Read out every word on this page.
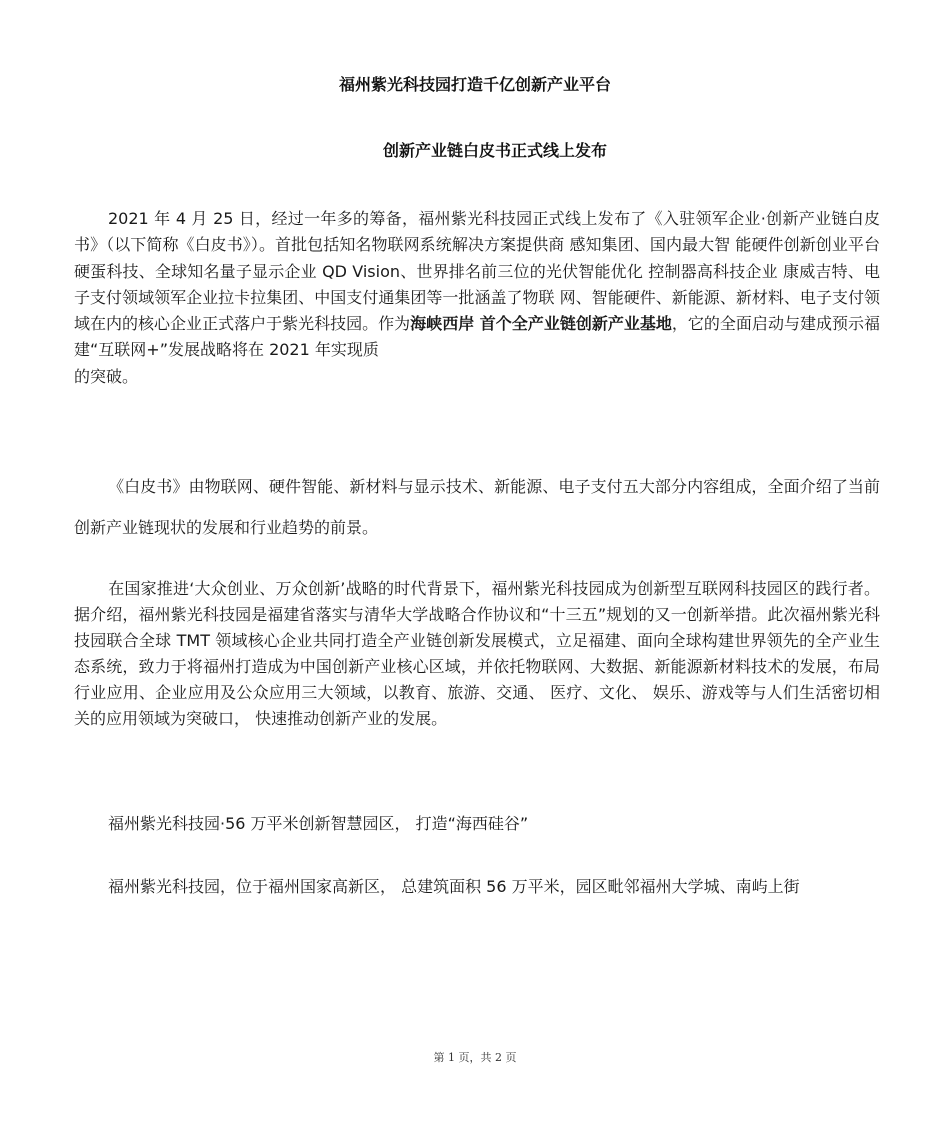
福州紫光科技园打造千亿创新产业平台
创新产业链白皮书正式线上发布

2021 年 4 月 25 日，经过一年多的筹备，福州紫光科技园正式线上发布了《入驻领军企业·创新产业链白皮书》（以下简称《白皮书》）。首批包括知名物联网系统解决方案提供商 感知集团、国内最大智 能硬件创新创业平台 硬蛋科技、全球知名量子显示企业 QD Vision、世界排名前三位的光伏智能优化 控制器高科技企业 康威吉特、电子支付领域领军企业拉卡拉集团、中国支付通集团等一批涵盖了物联 网、智能硬件、新能源、新材料、电子支付领域在内的核心企业正式落户于紫光科技园。作为海峡西岸 首个全产业链创新产业基地，它的全面启动与建成预示福建“互联网+”发展战略将在 2021 年实现质
的突破。

《白皮书》由物联网、硬件智能、新材料与显示技术、新能源、电子支付五大部分内容组成，全面介绍了当前创新产业链现状的发展和行业趋势的前景。

在国家推进‘大众创业、万众创新’战略的时代背景下，福州紫光科技园成为创新型互联网科技园区的践行者。据介绍，福州紫光科技园是福建省落实与清华大学战略合作协议和“十三五”规划的又一创新举措。此次福州紫光科技园联合全球 TMT 领域核心企业共同打造全产业链创新发展模式，立足福建、面向全球构建世界领先的全产业生态系统，致力于将福州打造成为中国创新产业核心区域，并依托物联网、大数据、新能源新材料技术的发展，布局行业应用、企业应用及公众应用三大领域，以教育、旅游、交通、 医疗、文化、 娱乐、游戏等与人们生活密切相关的应用领域为突破口， 快速推动创新产业的发展。

福州紫光科技园·56 万平米创新智慧园区， 打造“海西硅谷”

福州紫光科技园，位于福州国家高新区， 总建筑面积 56 万平米，园区毗邻福州大学城、南屿上街

第 1 页，共 2 页
